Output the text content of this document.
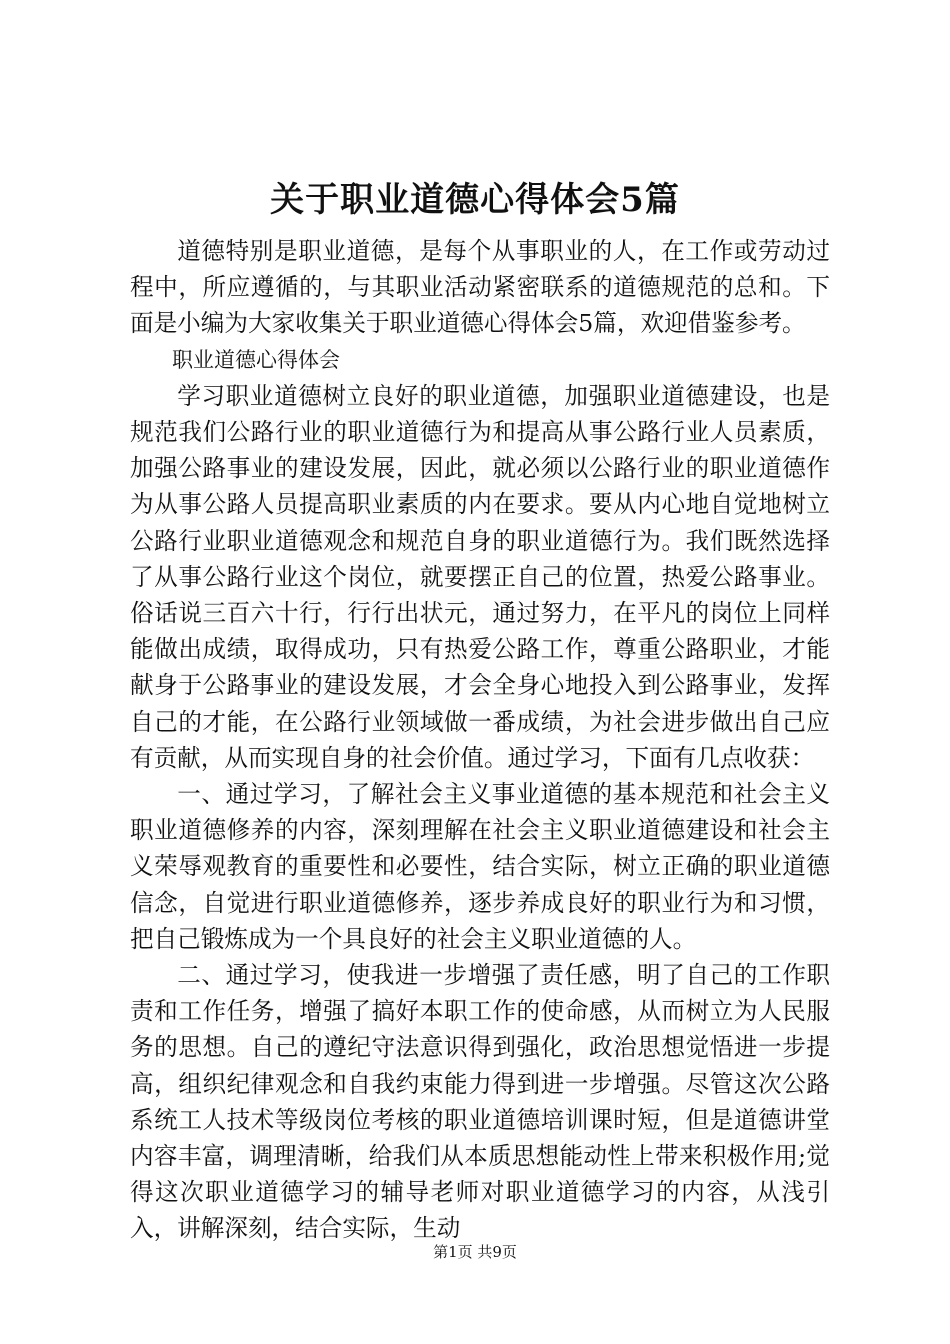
关于职业道德心得体会5篇

道德特别是职业道德，是每个从事职业的人，在工作或劳动过程中，所应遵循的，与其职业活动紧密联系的道德规范的总和。下面是小编为大家收集关于职业道德心得体会5篇，欢迎借鉴参考。

职业道德心得体会

学习职业道德树立良好的职业道德，加强职业道德建设，也是规范我们公路行业的职业道德行为和提高从事公路行业人员素质，加强公路事业的建设发展，因此，就必须以公路行业的职业道德作为从事公路人员提高职业素质的内在要求。要从内心地自觉地树立公路行业职业道德观念和规范自身的职业道德行为。我们既然选择了从事公路行业这个岗位，就要摆正自己的位置，热爱公路事业。俗话说三百六十行，行行出状元，通过努力，在平凡的岗位上同样能做出成绩，取得成功，只有热爱公路工作，尊重公路职业，才能献身于公路事业的建设发展，才会全身心地投入到公路事业，发挥自己的才能，在公路行业领域做一番成绩，为社会进步做出自己应有贡献，从而实现自身的社会价值。通过学习，下面有几点收获：

一、通过学习，了解社会主义事业道德的基本规范和社会主义职业道德修养的内容，深刻理解在社会主义职业道德建设和社会主义荣辱观教育的重要性和必要性，结合实际，树立正确的职业道德信念，自觉进行职业道德修养，逐步养成良好的职业行为和习惯，把自己锻炼成为一个具良好的社会主义职业道德的人。

二、通过学习，使我进一步增强了责任感，明了自己的工作职责和工作任务，增强了搞好本职工作的使命感，从而树立为人民服务的思想。自己的遵纪守法意识得到强化，政治思想觉悟进一步提高，组织纪律观念和自我约束能力得到进一步增强。尽管这次公路系统工人技术等级岗位考核的职业道德培训课时短，但是道德讲堂内容丰富，调理清晰，给我们从本质思想能动性上带来积极作用;觉得这次职业道德学习的辅导老师对职业道德学习的内容，从浅引入，讲解深刻，结合实际，生动

第1页 共9页
